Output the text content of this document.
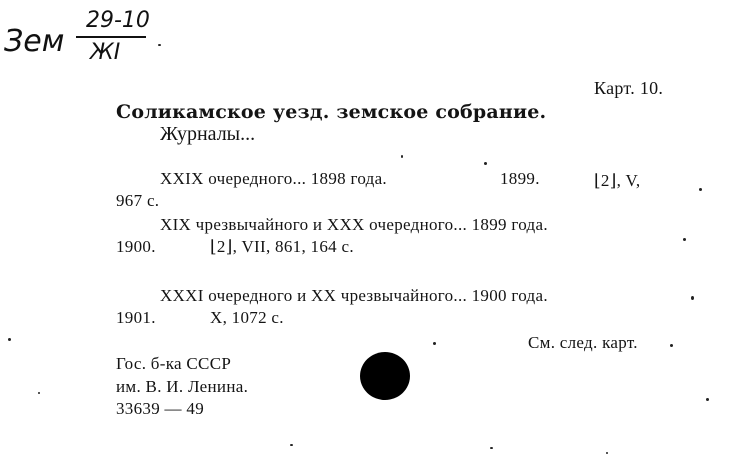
Зем
29-10
ЖI
Карт. 10.
Соликамское уезд. земское собрание.
Журналы...
XXIX очередного... 1898 года.	1899.	⌊2⌋, V,
967 с.
XIX чрезвычайного и XXX очередного... 1899 года.
1900.	⌊2⌋, VII, 861, 164 с.
XXXI очередного и XX чрезвычайного... 1900 года.
1901.	X, 1072 с.
См. след. карт.
Гос. б-ка СССР
им. В. И. Ленина.
33639 — 49
